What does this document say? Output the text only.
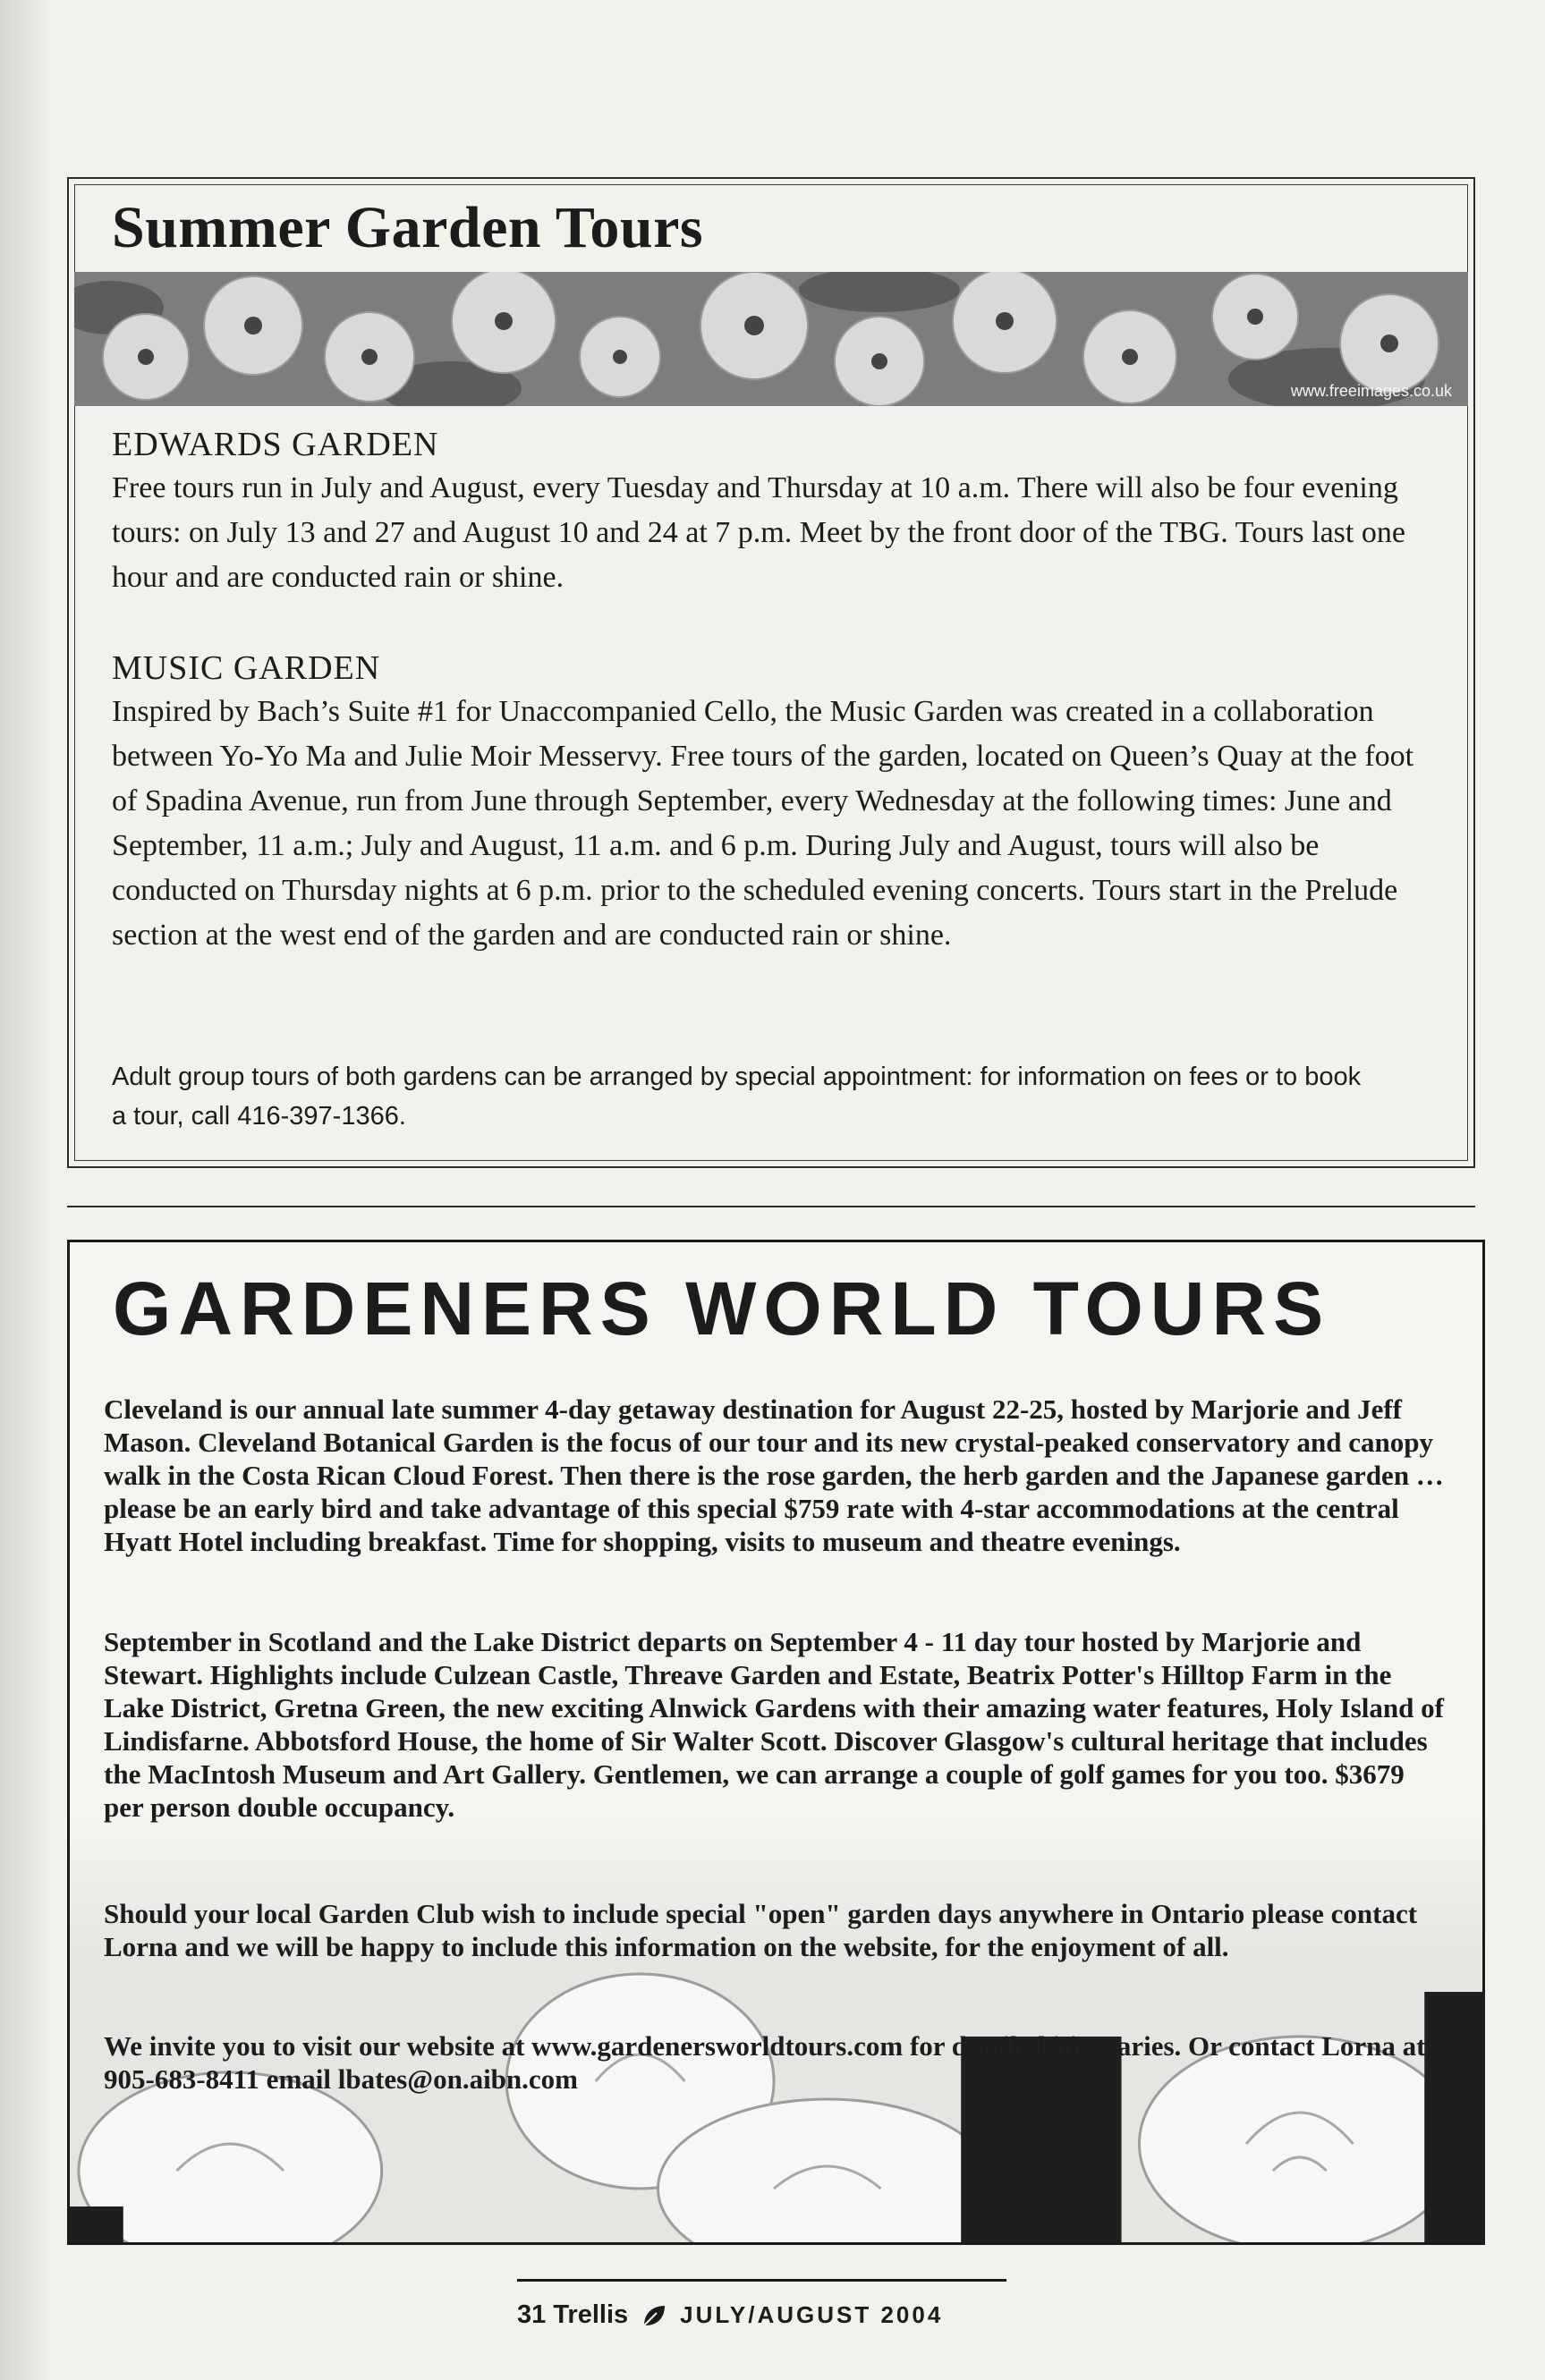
Summer Garden Tours
www.freeimages.co.uk
EDWARDS GARDEN

Free tours run in July and August, every Tuesday and Thursday at 10 a.m. There will also be four evening tours: on July 13 and 27 and August 10 and 24 at 7 p.m. Meet by the front door of the TBG. Tours last one hour and are conducted rain or shine.

MUSIC GARDEN

Inspired by Bach’s Suite #1 for Unaccompanied Cello, the Music Garden was created in a collaboration between Yo-Yo Ma and Julie Moir Messervy. Free tours of the garden, located on Queen’s Quay at the foot of Spadina Avenue, run from June through September, every Wednesday at the following times: June and September, 11 a.m.; July and August, 11 a.m. and 6 p.m. During July and August, tours will also be conducted on Thursday nights at 6 p.m. prior to the scheduled evening concerts. Tours start in the Prelude section at the west end of the garden and are conducted rain or shine.

Adult group tours of both gardens can be arranged by special appointment: for information on fees or to book a tour, call 416-397-1366.

GARDENERS WORLD TOURS

Cleveland is our annual late summer 4-day getaway destination for August 22-25, hosted by Marjorie and Jeff Mason. Cleveland Botanical Garden is the focus of our tour and its new crystal-peaked conservatory and canopy walk in the Costa Rican Cloud Forest. Then there is the rose garden, the herb garden and the Japanese garden … please be an early bird and take advantage of this special $759 rate with 4-star accommodations at the central Hyatt Hotel including breakfast. Time for shopping, visits to museum and theatre evenings.

September in Scotland and the Lake District departs on September 4 - 11 day tour hosted by Marjorie and Stewart. Highlights include Culzean Castle, Threave Garden and Estate, Beatrix Potter's Hilltop Farm in the Lake District, Gretna Green, the new exciting Alnwick Gardens with their amazing water features, Holy Island of Lindisfarne. Abbotsford House, the home of Sir Walter Scott. Discover Glasgow's cultural heritage that includes the MacIntosh Museum and Art Gallery. Gentlemen, we can arrange a couple of golf games for you too. $3679 per person double occupancy.

Should your local Garden Club wish to include special "open" garden days anywhere in Ontario please contact Lorna and we will be happy to include this information on the website, for the enjoyment of all.

We invite you to visit our website at www.gardenersworldtours.com for detailed itineraries. Or contact Lorna at 905-683-8411 email lbates@on.aibn.com

31 Trellis JULY/AUGUST 2004
